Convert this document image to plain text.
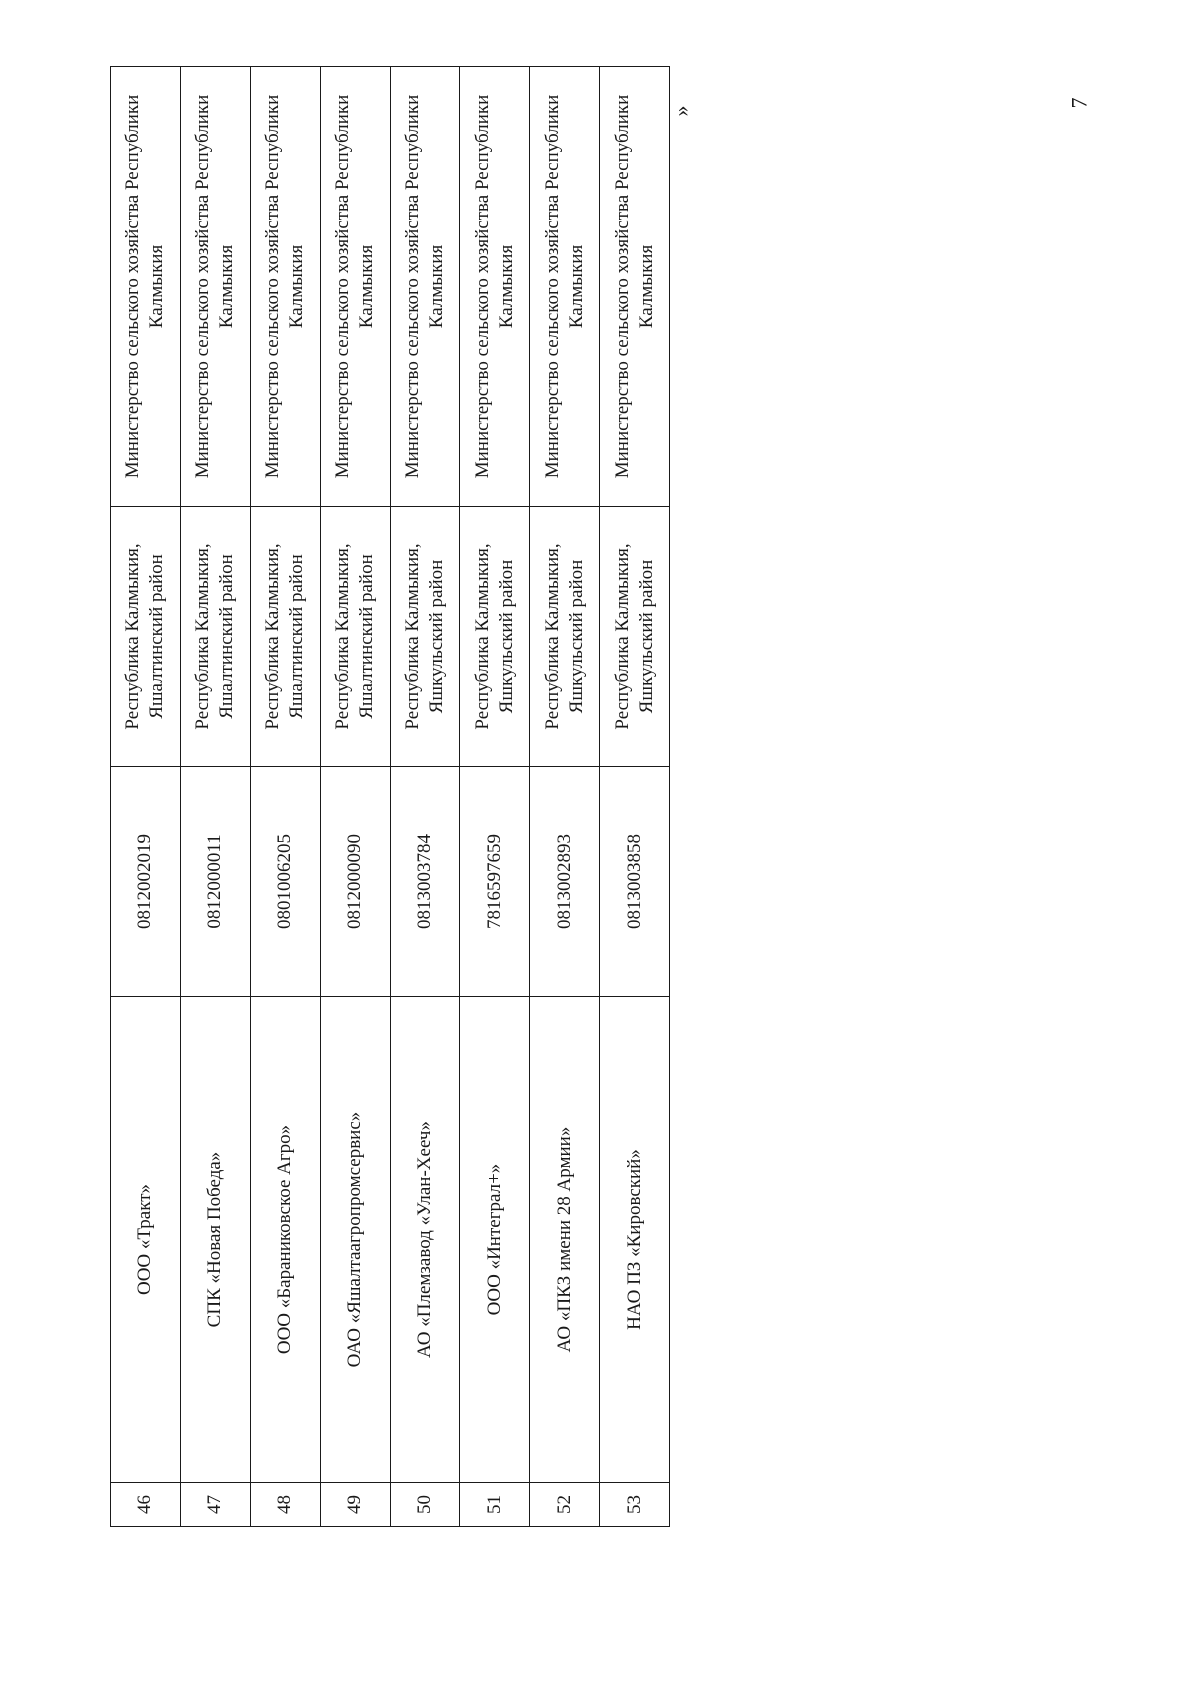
46	ООО «Тракт»	0812002019	Республика Калмыкия, Яшалтинский район	Министерство сельского хозяйства Республики Калмыкия
47	СПК «Новая Победа»	0812000011	Республика Калмыкия, Яшалтинский район	Министерство сельского хозяйства Республики Калмыкия
48	ООО «Бараниковское Агро»	0801006205	Республика Калмыкия, Яшалтинский район	Министерство сельского хозяйства Республики Калмыкия
49	ОАО «Яшалтаагропромсервис»	0812000090	Республика Калмыкия, Яшалтинский район	Министерство сельского хозяйства Республики Калмыкия
50	АО «Племзавод «Улан-Хееч»	0813003784	Республика Калмыкия, Яшкульский район	Министерство сельского хозяйства Республики Калмыкия
51	ООО «Интеграл+»	7816597659	Республика Калмыкия, Яшкульский район	Министерство сельского хозяйства Республики Калмыкия
52	АО «ПКЗ имени 28 Армии»	0813002893	Республика Калмыкия, Яшкульский район	Министерство сельского хозяйства Республики Калмыкия
53	НАО ПЗ «Кировский»	0813003858	Республика Калмыкия, Яшкульский район	Министерство сельского хозяйства Республики Калмыкия
»
7
